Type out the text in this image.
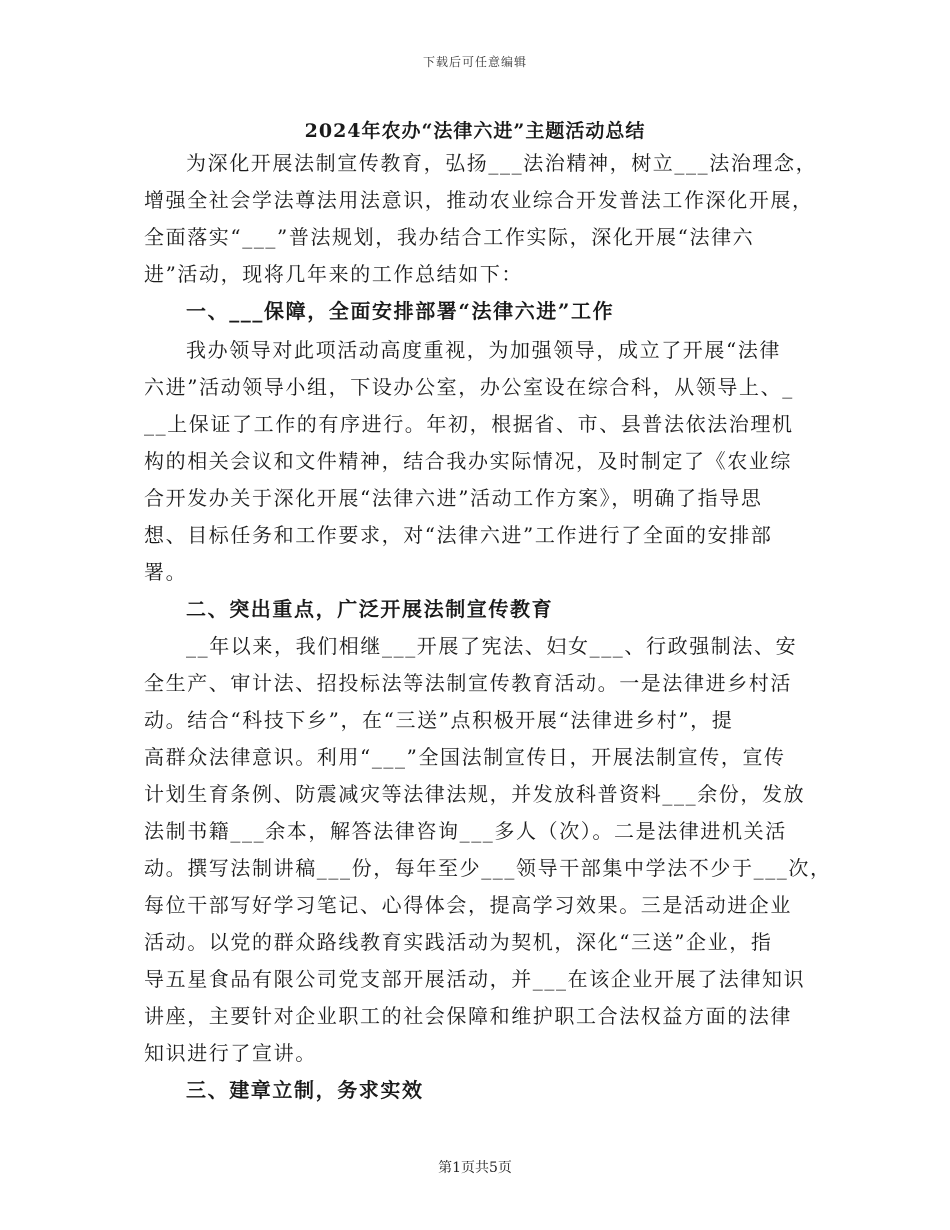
下载后可任意编辑
2024年农办“法律六进”主题活动总结
为深化开展法制宣传教育，弘扬___法治精神，树立___法治理念，
增强全社会学法尊法用法意识，推动农业综合开发普法工作深化开展，
全面落实“___”普法规划，我办结合工作实际，深化开展“法律六
进”活动，现将几年来的工作总结如下：
一、___保障，全面安排部署“法律六进”工作
我办领导对此项活动高度重视，为加强领导，成立了开展“法律
六进”活动领导小组，下设办公室，办公室设在综合科，从领导上、_
__上保证了工作的有序进行。年初，根据省、市、县普法依法治理机
构的相关会议和文件精神，结合我办实际情况，及时制定了《农业综
合开发办关于深化开展“法律六进”活动工作方案》，明确了指导思
想、目标任务和工作要求，对“法律六进”工作进行了全面的安排部
署。
二、突出重点，广泛开展法制宣传教育
__年以来，我们相继___开展了宪法、妇女___、行政强制法、安
全生产、审计法、招投标法等法制宣传教育活动。一是法律进乡村活
动。结合“科技下乡”，在“三送”点积极开展“法律进乡村”，提
高群众法律意识。利用“___”全国法制宣传日，开展法制宣传，宣传
计划生育条例、防震减灾等法律法规，并发放科普资料___余份，发放
法制书籍___余本，解答法律咨询___多人（次）。二是法律进机关活
动。撰写法制讲稿___份，每年至少___领导干部集中学法不少于___次，
每位干部写好学习笔记、心得体会，提高学习效果。三是活动进企业
活动。以党的群众路线教育实践活动为契机，深化“三送”企业，指
导五星食品有限公司党支部开展活动，并___在该企业开展了法律知识
讲座，主要针对企业职工的社会保障和维护职工合法权益方面的法律
知识进行了宣讲。
三、建章立制，务求实效
第1页共5页
